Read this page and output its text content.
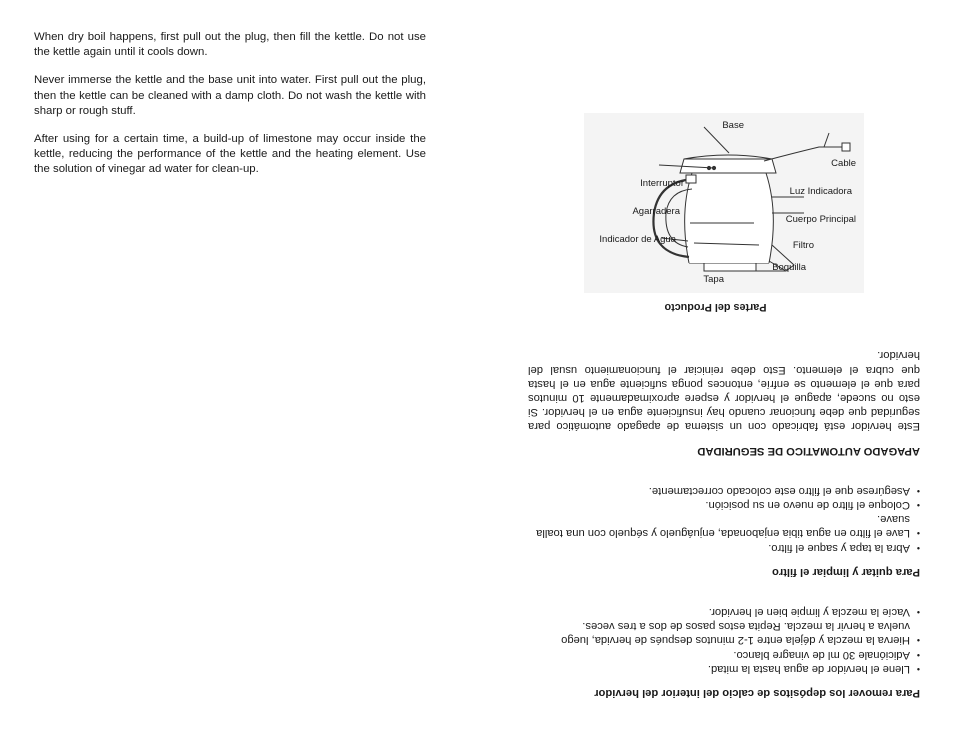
When dry boil happens, first pull out the plug, then fill the kettle. Do not use the kettle again until it cools down.

Never immerse the kettle and the base unit into water. First pull out the plug, then the kettle can be cleaned with a damp cloth. Do not wash the kettle with sharp or rough stuff.

After using for a certain time, a build-up of limestone may occur inside the kettle, reducing the performance of the kettle and the heating element. Use the solution of vinegar ad water for clean-up.

Para remover los depósitos de calcio del interior del hervidor
• Llene el hervidor de agua hasta la mitad.
• Adiciónale 30 ml de vinagre blanco.
• Hierva la mezcla y déjela entre 1-2 minutos después de hervida, luego vuelva a hervir la mezcla. Repita estos pasos de dos a tres veces.
• Vacíe la mezcla y limpie bien el hervidor.
Para quitar y limpiar el filtro
• Abra la tapa y saque el filtro.
• Lave el filtro en agua tibia enjabonada, enjuáguelo y séquelo con una toalla suave.
• Coloque el filtro de nuevo en su posición.
• Asegúrese que el filtro este colocado correctamente.
APAGADO AUTOMATICO DE SEGURIDAD

Este hervidor está fabricado con un sistema de apagado automático para seguridad que debe funcionar cuando hay insuficiente agua en el hervidor. Si esto no sucede, apague el hervidor y espere aproximadamente 10 minutos para que el elemento se enfríe, entonces ponga suficiente agua en el hasta que cubra el elemento. Esto debe reiniciar el funcionamiento usual del hervidor.

Partes del Producto
Boquilla
Filtro
Cuerpo Principal
Luz Indicadora
Cable
Base
Interruptor
Agarradera
Indicador de Agua
Tapa
